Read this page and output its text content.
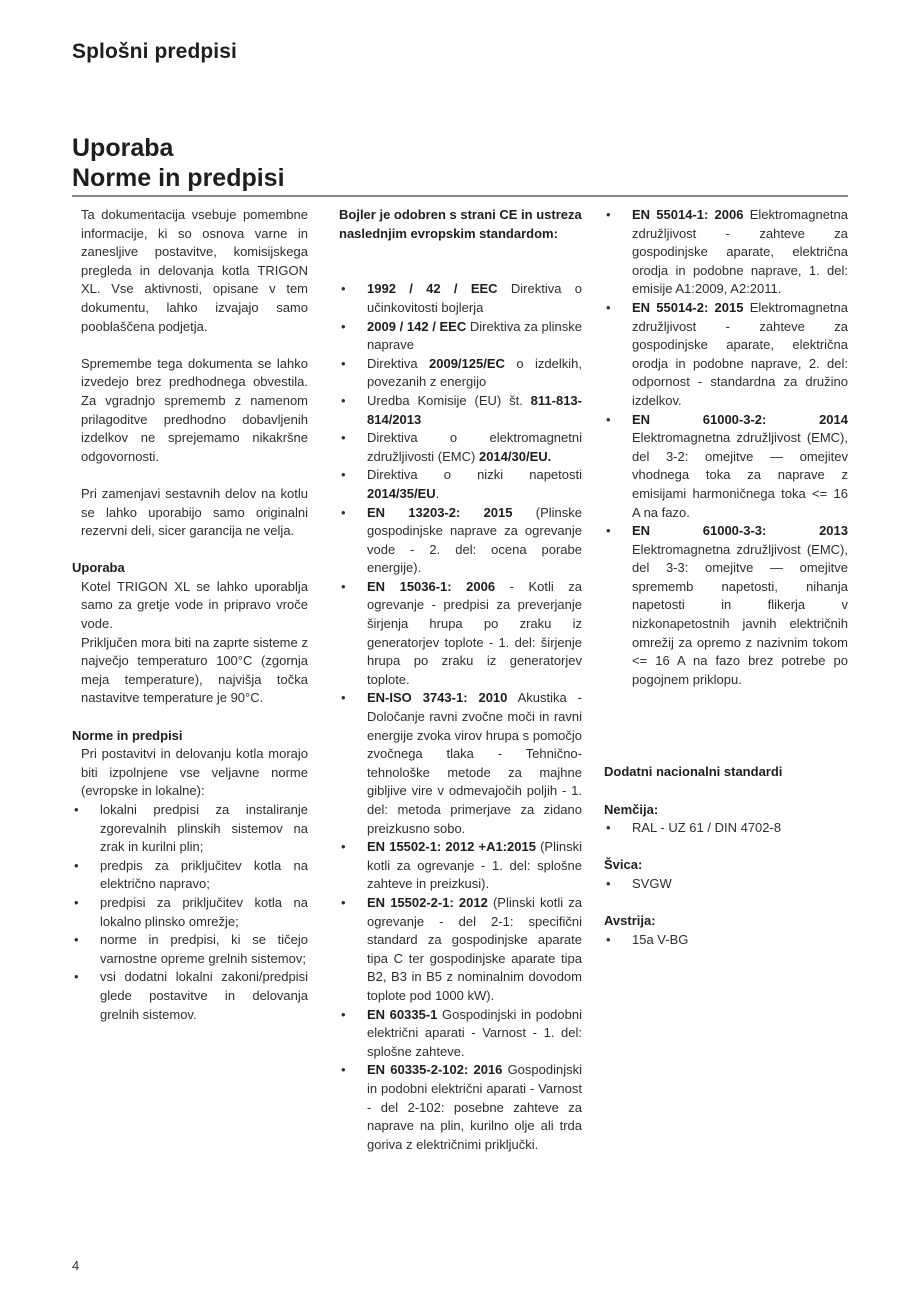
Splošni predpisi
Uporaba
Norme in predpisi

Ta dokumentacija vsebuje pomembne informacije, ki so osnova varne in zanesljive postavitve, komisijskega pregleda in delovanja kotla TRIGON XL. Vse aktivnosti, opisane v tem dokumentu, lahko izvajajo samo pooblaščena podjetja.

Spremembe tega dokumenta se lahko izvedejo brez predhodnega obvestila. Za vgradnjo sprememb z namenom prilagoditve predhodno dobavljenih izdelkov ne sprejemamo nikakršne odgovornosti.

Pri zamenjavi sestavnih delov na kotlu se lahko uporabijo samo originalni rezervni deli, sicer garancija ne velja.

Uporaba

Kotel TRIGON XL se lahko uporablja samo za gretje vode in pripravo vroče vode.

Priključen mora biti na zaprte sisteme z največjo temperaturo 100°C (zgornja meja temperature), najvišja točka nastavitve temperature je 90°C.

Norme in predpisi

Pri postavitvi in delovanju kotla morajo biti izpolnjene vse veljavne norme (evropske in lokalne):

• lokalni predpisi za instaliranje zgorevalnih plinskih sistemov na zrak in kurilni plin;
• predpis za priključitev kotla na električno napravo;
• predpisi za priključitev kotla na lokalno plinsko omrežje;
• norme in predpisi, ki se tičejo varnostne opreme grelnih sistemov;
• vsi dodatni lokalni zakoni/predpisi glede postavitve in delovanja grelnih sistemov.

Bojler je odobren s strani CE in ustreza naslednjim evropskim standardom:

• 1992 / 42 / EEC Direktiva o učinkovitosti bojlerja
• 2009 / 142 / EEC Direktiva za plinske naprave
• Direktiva 2009/125/EC o izdelkih, povezanih z energijo
• Uredba Komisije (EU) št. 811-813-814/2013
• Direktiva o elektromagnetni združljivosti (EMC) 2014/30/EU.
• Direktiva o nizki napetosti 2014/35/EU.
• EN 13203-2: 2015 (Plinske gospodinjske naprave za ogrevanje vode - 2. del: ocena porabe energije).
• EN 15036-1: 2006 - Kotli za ogrevanje - predpisi za preverjanje širjenja hrupa po zraku iz generatorjev toplote - 1. del: širjenje hrupa po zraku iz generatorjev toplote.
• EN-ISO 3743-1: 2010 Akustika - Določanje ravni zvočne moči in ravni energije zvoka virov hrupa s pomočjo zvočnega tlaka - Tehnično-tehnološke metode za majhne gibljive vire v odmevajočih poljih - 1. del: metoda primerjave za zidano preizkusno sobo.
• EN 15502-1: 2012 +A1:2015 (Plinski kotli za ogrevanje - 1. del: splošne zahteve in preizkusi).
• EN 15502-2-1: 2012 (Plinski kotli za ogrevanje - del 2-1: specifični standard za gospodinjske aparate tipa C ter gospodinjske aparate tipa B2, B3 in B5 z nominalnim dovodom toplote pod 1000 kW).
• EN 60335-1 Gospodinjski in podobni električni aparati - Varnost - 1. del: splošne zahteve.
• EN 60335-2-102: 2016 Gospodinjski in podobni električni aparati - Varnost - del 2-102: posebne zahteve za naprave na plin, kurilno olje ali trda goriva z električnimi priključki.
• EN 55014-1: 2006 Elektromagnetna združljivost - zahteve za gospodinjske aparate, električna orodja in podobne naprave, 1. del: emisije A1:2009, A2:2011.
• EN 55014-2: 2015 Elektromagnetna združljivost - zahteve za gospodinjske aparate, električna orodja in podobne naprave, 2. del: odpornost - standardna za družino izdelkov.
• EN 61000-3-2: 2014 Elektromagnetna združljivost (EMC), del 3-2: omejitve — omejitev vhodnega toka za naprave z emisijami harmoničnega toka <= 16 A na fazo.
• EN 61000-3-3: 2013 Elektromagnetna združljivost (EMC), del 3-3: omejitve — omejitve sprememb napetosti, nihanja napetosti in flikerja v nizkonapetostnih javnih električnih omrežij za opremo z nazivnim tokom <= 16 A na fazo brez potrebe po pogojnem priklopu.

Dodatni nacionalni standardi

Nemčija:

• RAL - UZ 61 / DIN 4702-8

Švica:

• SVGW

Avstrija:

• 15a V-BG
4
